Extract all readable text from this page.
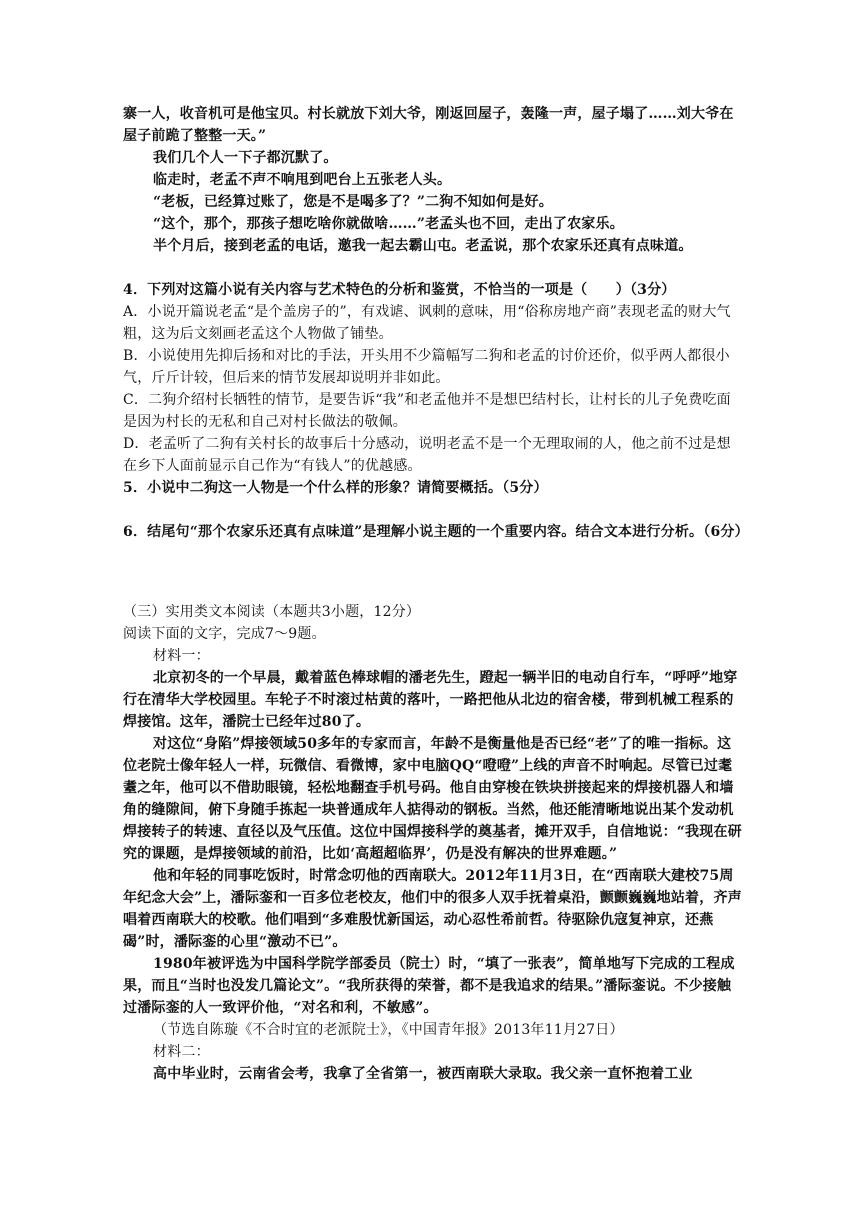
寨一人，收音机可是他宝贝。村长就放下刘大爷，刚返回屋子，轰隆一声，屋子塌了……刘大爷在屋子前跪了整整一天。”

我们几个人一下子都沉默了。

临走时，老孟不声不响甩到吧台上五张老人头。

“老板，已经算过账了，您是不是喝多了？”二狗不知如何是好。

“这个，那个，那孩子想吃啥你就做啥……”老孟头也不回，走出了农家乐。

半个月后，接到老孟的电话，邀我一起去霸山屯。老孟说，那个农家乐还真有点味道。

4．下列对这篇小说有关内容与艺术特色的分析和鉴赏，不恰当的一项是（　　）（3分）

A．小说开篇说老孟“是个盖房子的”，有戏谑、讽刺的意味，用“俗称房地产商”表现老孟的财大气粗，这为后文刻画老孟这个人物做了铺垫。

B．小说使用先抑后扬和对比的手法，开头用不少篇幅写二狗和老孟的讨价还价，似乎两人都很小气，斤斤计较，但后来的情节发展却说明并非如此。

C．二狗介绍村长牺牲的情节，是要告诉“我”和老孟他并不是想巴结村长，让村长的儿子免费吃面是因为村长的无私和自己对村长做法的敬佩。

D．老孟听了二狗有关村长的故事后十分感动，说明老孟不是一个无理取闹的人，他之前不过是想在乡下人面前显示自己作为“有钱人”的优越感。

5．小说中二狗这一人物是一个什么样的形象？请简要概括。（5分）

6．结尾句“那个农家乐还真有点味道”是理解小说主题的一个重要内容。结合文本进行分析。（6分）

（三）实用类文本阅读（本题共3小题，12分）

阅读下面的文字，完成7～9题。

材料一：

北京初冬的一个早晨，戴着蓝色棒球帽的潘老先生，蹬起一辆半旧的电动自行车，“呼呼”地穿行在清华大学校园里。车轮子不时滚过枯黄的落叶，一路把他从北边的宿舍楼，带到机械工程系的焊接馆。这年，潘院士已经年过80了。

对这位“身陷”焊接领域50多年的专家而言，年龄不是衡量他是否已经“老”了的唯一指标。这位老院士像年轻人一样，玩微信、看微博，家中电脑QQ“噔噔”上线的声音不时响起。尽管已过耄耋之年，他可以不借助眼镜，轻松地翻查手机号码。他自由穿梭在铁块拼接起来的焊接机器人和墙角的缝隙间，俯下身随手拣起一块普通成年人掂得动的钢板。当然，他还能清晰地说出某个发动机焊接转子的转速、直径以及气压值。这位中国焊接科学的奠基者，摊开双手，自信地说：“我现在研究的课题，是焊接领域的前沿，比如‘高超超临界’，仍是没有解决的世界难题。”

他和年轻的同事吃饭时，时常念叨他的西南联大。2012年11月3日，在“西南联大建校75周年纪念大会”上，潘际銮和一百多位老校友，他们中的很多人双手抚着桌沿，颤颤巍巍地站着，齐声唱着西南联大的校歌。他们唱到“多难殷忧新国运，动心忍性希前哲。待驱除仇寇复神京，还燕碣”时，潘际銮的心里“激动不已”。

1980年被评选为中国科学院学部委员（院士）时，“填了一张表”，简单地写下完成的工程成果，而且“当时也没发几篇论文”。“我所获得的荣誉，都不是我追求的结果。”潘际銮说。不少接触过潘际銮的人一致评价他，“对名和利，不敏感”。

（节选自陈璇《不合时宜的老派院士》，《中国青年报》2013年11月27日）

材料二：

高中毕业时，云南省会考，我拿了全省第一，被西南联大录取。我父亲一直怀抱着工业
